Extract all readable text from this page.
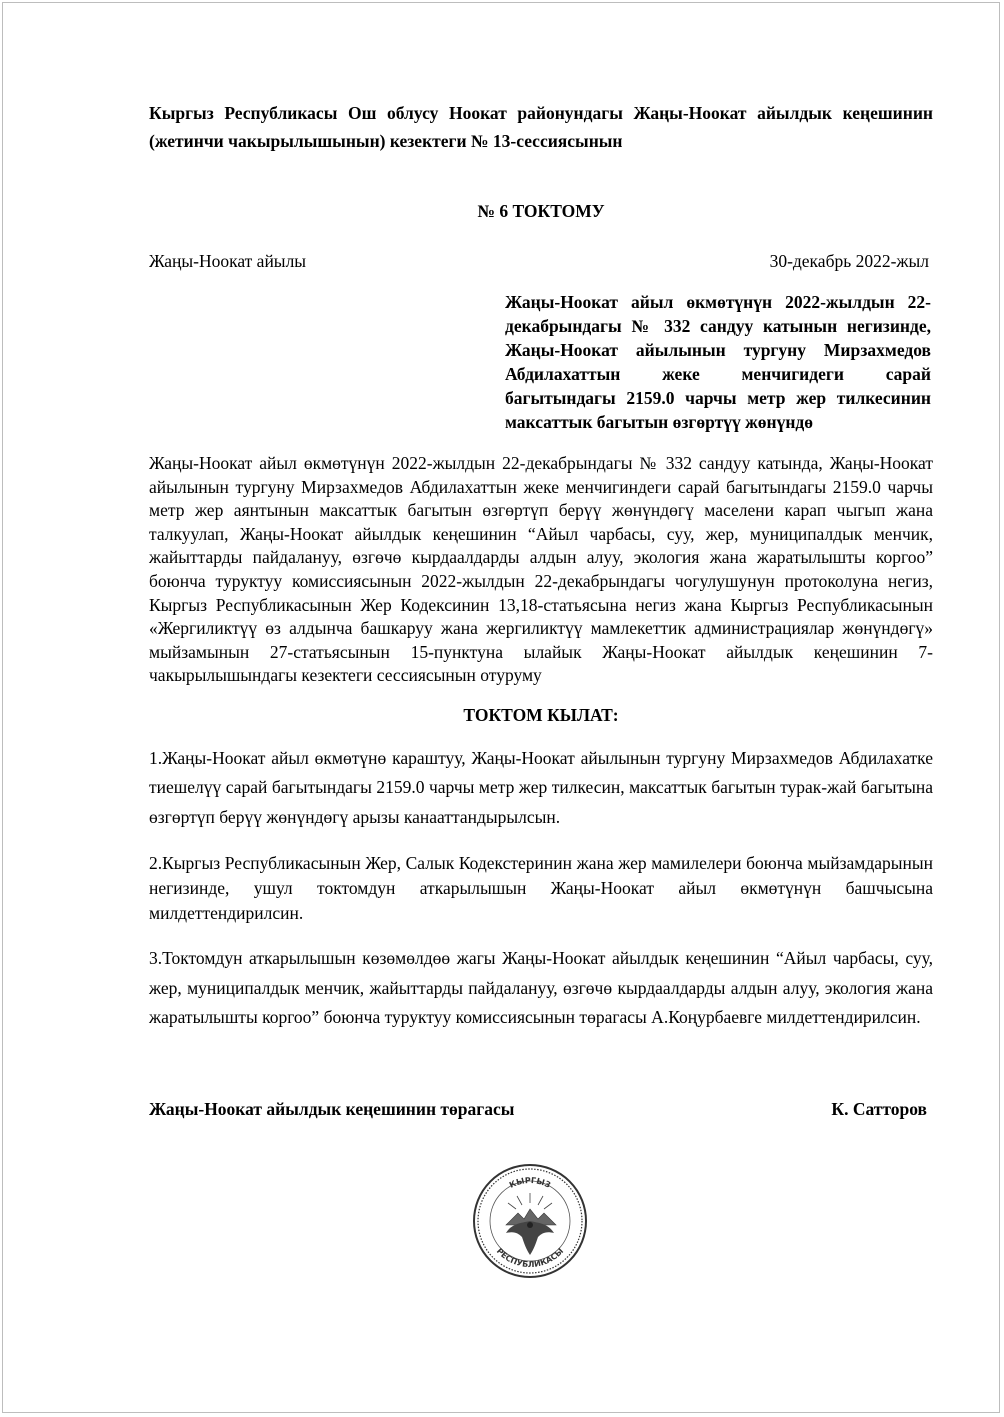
Кыргыз Республикасы Ош облусу Ноокат районундагы Жаңы-Ноокат айылдык кеңешинин (жетинчи чакырылышынын) кезектеги № 13-сессиясынын

№ 6 ТОКТОМУ
Жаңы-Ноокат айылы	30-декабрь 2022-жыл
Жаңы-Ноокат айыл өкмөтүнүн 2022-жылдын 22-декабрындагы № 332 сандуу катынын негизинде, Жаңы-Ноокат айылынын тургуну Мирзахмедов Абдилахаттын жеке менчигидеги сарай багытындагы 2159.0 чарчы метр жер тилкесинин максаттык багытын өзгөртүү жөнүндө
Жаңы-Ноокат айыл өкмөтүнүн 2022-жылдын 22-декабрындагы № 332 сандуу катында, Жаңы-Ноокат айылынын тургуну Мирзахмедов Абдилахаттын жеке менчигиндеги сарай багытындагы 2159.0 чарчы метр жер аянтынын максаттык багытын өзгөртүп берүү жөнүндөгү маселени карап чыгып жана талкуулап, Жаңы-Ноокат айылдык кеңешинин “Айыл чарбасы, суу, жер, муниципалдык менчик, жайыттарды пайдалануу, өзгөчө кырдаалдарды алдын алуу, экология жана жаратылышты коргоо” боюнча туруктуу комиссиясынын 2022-жылдын 22-декабрындагы чогулушунун протоколуна негиз, Кыргыз Республикасынын Жер Кодексинин 13,18-статьясына негиз жана Кыргыз Республикасынын «Жергиликтүү өз алдынча башкаруу жана жергиликтүү мамлекеттик администрациялар жөнүндөгү» мыйзамынын 27-статьясынын 15-пунктуна ылайык Жаңы-Ноокат айылдык кеңешинин 7-чакырылышындагы кезектеги сессиясынын отуруму
ТОКТОМ КЫЛАТ:

1.Жаңы-Ноокат айыл өкмөтүнө караштуу, Жаңы-Ноокат айылынын тургуну Мирзахмедов Абдилахатке тиешелүү сарай багытындагы 2159.0 чарчы метр жер тилкесин, максаттык багытын турак-жай багытына өзгөртүп берүү жөнүндөгү арызы канааттандырылсын.

2.Кыргыз Республикасынын Жер, Салык Кодекстеринин жана жер мамилелери боюнча мыйзамдарынын негизинде, ушул токтомдун аткарылышын Жаңы-Ноокат айыл өкмөтүнүн башчысына милдеттендирилсин.

3.Токтомдун аткарылышын көзөмөлдөө жагы Жаңы-Ноокат айылдык кеңешинин “Айыл чарбасы, суу, жер, муниципалдык менчик, жайыттарды пайдалануу, өзгөчө кырдаалдарды алдын алуу, экология жана жаратылышты коргоо” боюнча туруктуу комиссиясынын төрагасы А.Коңурбаевге милдеттендирилсин.

Жаңы-Ноокат айылдык кеңешинин төрагасы	К. Сатторов
КЫРГЫЗ
РЕСПУБЛИКАСЫ
